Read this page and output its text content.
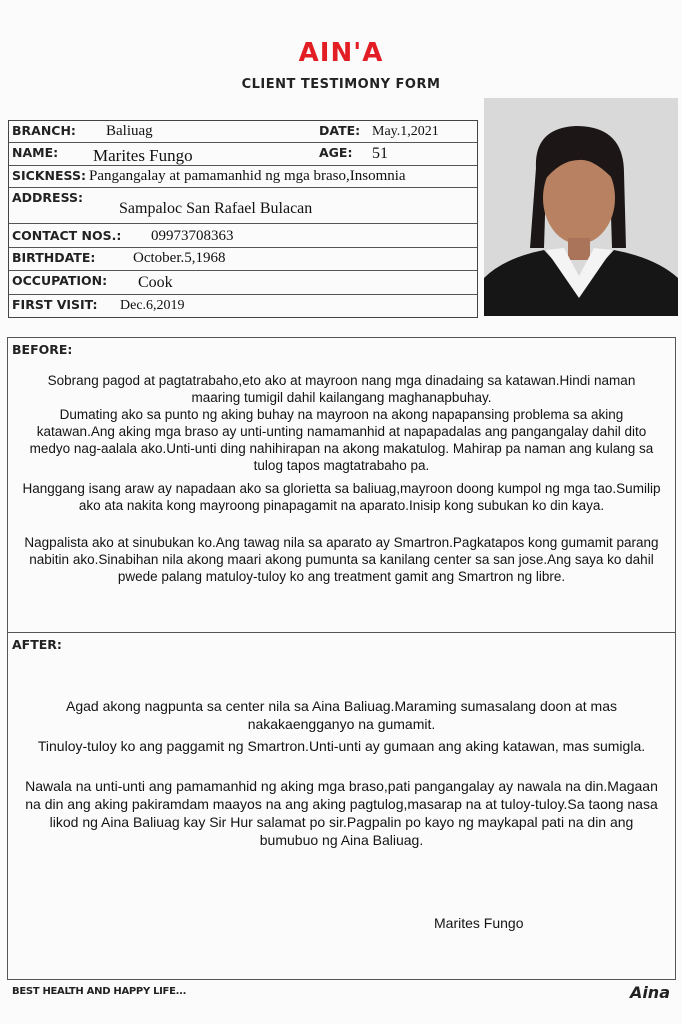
AIN'A
CLIENT TESTIMONY FORM
BRANCH: Baliuag	DATE: May.1,2021
NAME: Marites Fungo	AGE: 51
SICKNESS: Pangangalay at pamamanhid ng mga braso,Insomnia
ADDRESS:
Sampaloc San Rafael Bulacan
CONTACT NOS.: 09973708363
BIRTHDATE:	October.5,1968
OCCUPATION: Cook
FIRST VISIT: Dec.6,2019
BEFORE:

Sobrang pagod at pagtatrabaho,eto ako at mayroon nang mga dinadaing sa katawan.Hindi naman maaring tumigil dahil kailangang maghanapbuhay.

Dumating ako sa punto ng aking buhay na mayroon na akong napapansing problema sa aking katawan.Ang aking mga braso ay unti-unting namamanhid at napapadalas ang pangangalay dahil dito medyo nag-aalala ako.Unti-unti ding nahihirapan na akong makatulog. Mahirap pa naman ang kulang sa tulog tapos magtatrabaho pa.

Hanggang isang araw ay napadaan ako sa glorietta sa baliuag,mayroon doong kumpol ng mga tao.Sumilip ako ata nakita kong mayroong pinapagamit na aparato.Inisip kong subukan ko din kaya.

Nagpalista ako at sinubukan ko.Ang tawag nila sa aparato ay Smartron.Pagkatapos kong gumamit parang nabitin ako.Sinabihan nila akong maari akong pumunta sa kanilang center sa san jose.Ang saya ko dahil pwede palang matuloy-tuloy ko ang treatment gamit ang Smartron ng libre.

AFTER:

Agad akong nagpunta sa center nila sa Aina Baliuag.Maraming sumasalang doon at mas nakakaengganyo na gumamit.

Tinuloy-tuloy ko ang paggamit ng Smartron.Unti-unti ay gumaan ang aking katawan, mas sumigla.

Nawala na unti-unti ang pamamanhid ng aking mga braso,pati pangangalay ay nawala na din.Magaan na din ang aking pakiramdam maayos na ang aking pagtulog,masarap na at tuloy-tuloy.Sa taong nasa likod ng Aina Baliuag kay Sir Hur salamat po sir.Pagpalin po kayo ng maykapal pati na din ang bumubuo ng Aina Baliuag.

Marites Fungo
BEST HEALTH AND HAPPY LIFE...	Aina
